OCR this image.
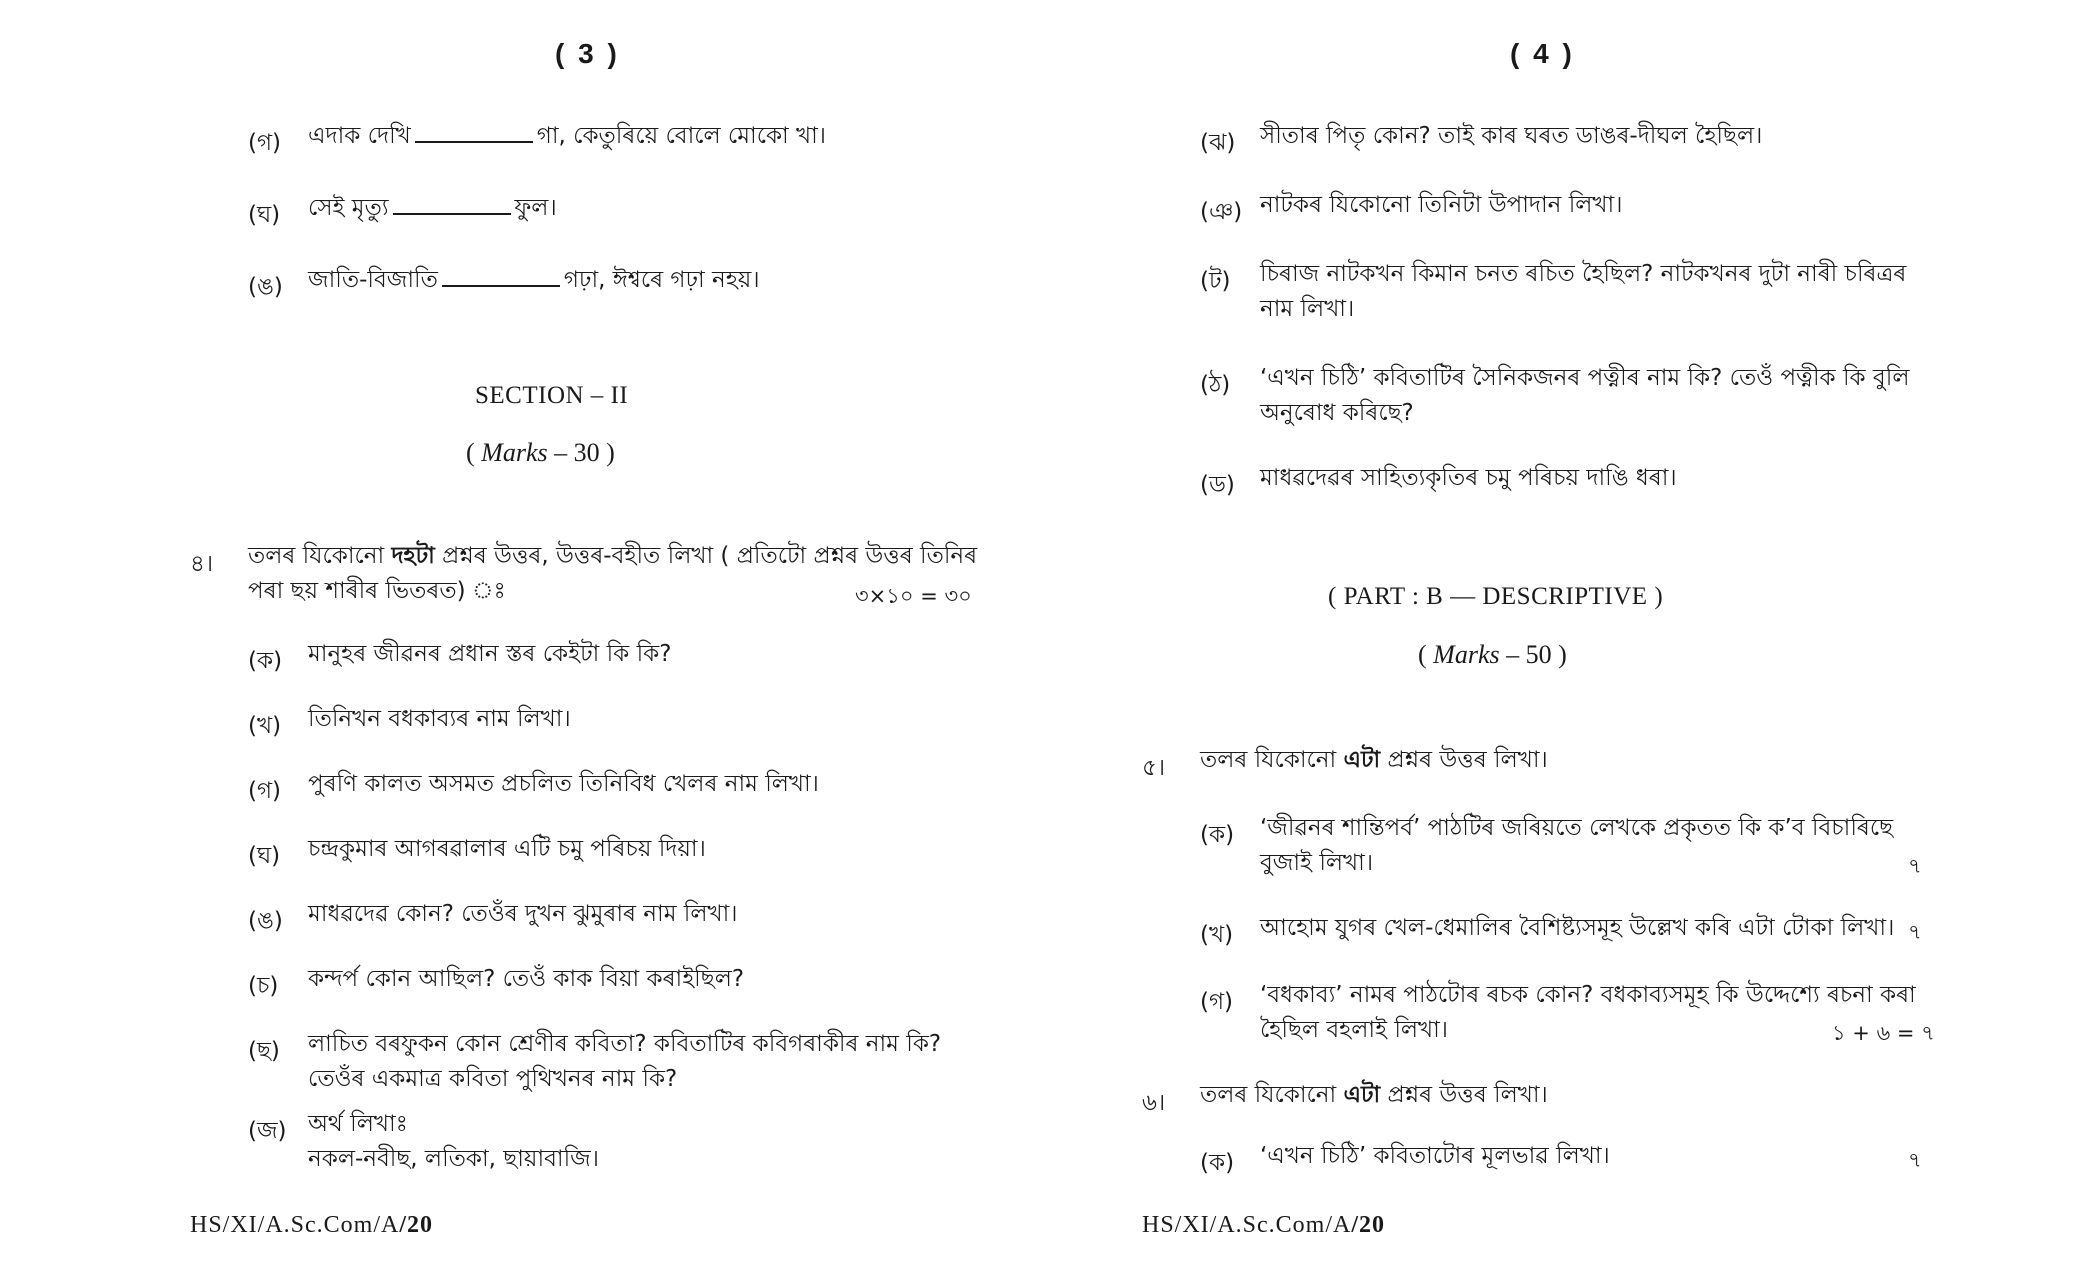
( 3 )
(গ) এদাক দেখি	গা, কেতুৰিয়ে বোলে মোকো খা।
(ঘ) সেই মৃত্যু	ফুল।
(ঙ) জাতি-বিজাতি	গঢ়া, ঈশ্বৰে গঢ়া নহয়।
SECTION – II
( Marks – 30 )
৪। তলৰ যিকোনো দহটা প্ৰশ্নৰ উত্তৰ, উত্তৰ-বহীত লিখা ( প্ৰতিটো প্ৰশ্নৰ উত্তৰ তিনিৰ
পৰা ছয় শাৰীৰ ভিতৰত) ঃ	৩×১০ = ৩০
(ক) মানুহৰ জীৱনৰ প্ৰধান স্তৰ কেইটা কি কি?
(খ) তিনিখন বধকাব্যৰ নাম লিখা।
(গ) পুৰণি কালত অসমত প্ৰচলিত তিনিবিধ খেলৰ নাম লিখা।
(ঘ) চন্দ্ৰকুমাৰ আগৰৱালাৰ এটি চমু পৰিচয় দিয়া।
(ঙ) মাধৱদেৱ কোন? তেওঁৰ দুখন ঝুমুৰাৰ নাম লিখা।
(চ) কন্দৰ্প কোন আছিল? তেওঁ কাক বিয়া কৰাইছিল?
(ছ) লাচিত বৰফুকন কোন শ্ৰেণীৰ কবিতা? কবিতাটিৰ কবিগৰাকীৰ নাম কি?
তেওঁৰ একমাত্ৰ কবিতা পুথিখনৰ নাম কি?
(জ) অৰ্থ লিখাঃ
নকল-নবীছ, লতিকা, ছায়াবাজি।
HS/XI/A.Sc.Com/A/20
( 4 )
(ঝ) সীতাৰ পিতৃ কোন? তাই কাৰ ঘৰত ডাঙৰ-দীঘল হৈছিল।
(ঞ) নাটকৰ যিকোনো তিনিটা উপাদান লিখা।
(ট) চিৰাজ নাটকখন কিমান চনত ৰচিত হৈছিল? নাটকখনৰ দুটা নাৰী চৰিত্ৰৰ
নাম লিখা।
(ঠ) ‘এখন চিঠি’ কবিতাটিৰ সৈনিকজনৰ পত্নীৰ নাম কি? তেওঁ পত্নীক কি বুলি
অনুৰোধ কৰিছে?
(ড) মাধৱদেৱৰ সাহিত্যকৃতিৰ চমু পৰিচয় দাঙি ধৰা।
( PART : B — DESCRIPTIVE )
( Marks – 50 )
৫। তলৰ যিকোনো এটা প্ৰশ্নৰ উত্তৰ লিখা।
(ক) ‘জীৱনৰ শান্তিপৰ্ব’ পাঠটিৰ জৰিয়তে লেখকে প্ৰকৃতত কি ক’ব বিচাৰিছে
বুজাই লিখা।	৭
(খ) আহোম যুগৰ খেল-ধেমালিৰ বৈশিষ্ট্যসমূহ উল্লেখ কৰি এটা টোকা লিখা। ৭
(গ) ‘বধকাব্য’ নামৰ পাঠটোৰ ৰচক কোন? বধকাব্যসমূহ কি উদ্দেশ্যে ৰচনা কৰা
হৈছিল বহলাই লিখা।	১ + ৬ = ৭
৬। তলৰ যিকোনো এটা প্ৰশ্নৰ উত্তৰ লিখা।
(ক) ‘এখন চিঠি’ কবিতাটোৰ মূলভাৱ লিখা।	৭
HS/XI/A.Sc.Com/A/20
